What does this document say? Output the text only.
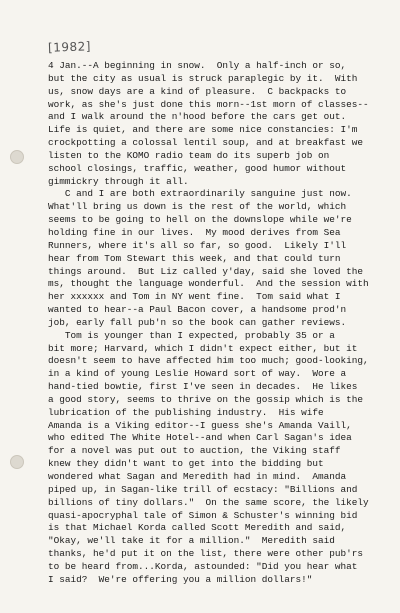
[1982]
4 Jan.--A beginning in snow.  Only a half-inch or so,
but the city as usual is struck paraplegic by it.  With
us, snow days are a kind of pleasure.  C backpacks to
work, as she's just done this morn--1st morn of classes--
and I walk around the n'hood before the cars get out.
Life is quiet, and there are some nice constancies: I'm
crockpotting a colossal lentil soup, and at breakfast we
listen to the KOMO radio team do its superb job on
school closings, traffic, weather, good humor without
gimmickry through it all.
C and I are both extraordinarily sanguine just now.
What'll bring us down is the rest of the world, which
seems to be going to hell on the downslope while we're
holding fine in our lives.  My mood derives from Sea
Runners, where it's all so far, so good.  Likely I'll
hear from Tom Stewart this week, and that could turn
things around.  But Liz called y'day, said she loved the
ms, thought the language wonderful.  And the session with
her xxxxxx and Tom in NY went fine.  Tom said what I
wanted to hear--a Paul Bacon cover, a handsome prod'n
job, early fall pub'n so the book can gather reviews.
Tom is younger than I expected, probably 35 or a
bit more; Harvard, which I didn't expect either, but it
doesn't seem to have affected him too much; good-looking,
in a kind of young Leslie Howard sort of way.  Wore a
hand-tied bowtie, first I've seen in decades.  He likes
a good story, seems to thrive on the gossip which is the
lubrication of the publishing industry.  His wife
Amanda is a Viking editor--I guess she's Amanda Vaill,
who edited The White Hotel--and when Carl Sagan's idea
for a novel was put out to auction, the Viking staff
knew they didn't want to get into the bidding but
wondered what Sagan and Meredith had in mind.  Amanda
piped up, in Sagan-like trill of ecstacy: "Billions and
billions of tiny dollars."  On the same score, the likely
quasi-apocryphal tale of Simon & Schuster's winning bid
is that Michael Korda called Scott Meredith and said,
"Okay, we'll take it for a million."  Meredith said
thanks, he'd put it on the list, there were other pub'rs
to be heard from...Korda, astounded: "Did you hear what
I said?  We're offering you a million dollars!"
